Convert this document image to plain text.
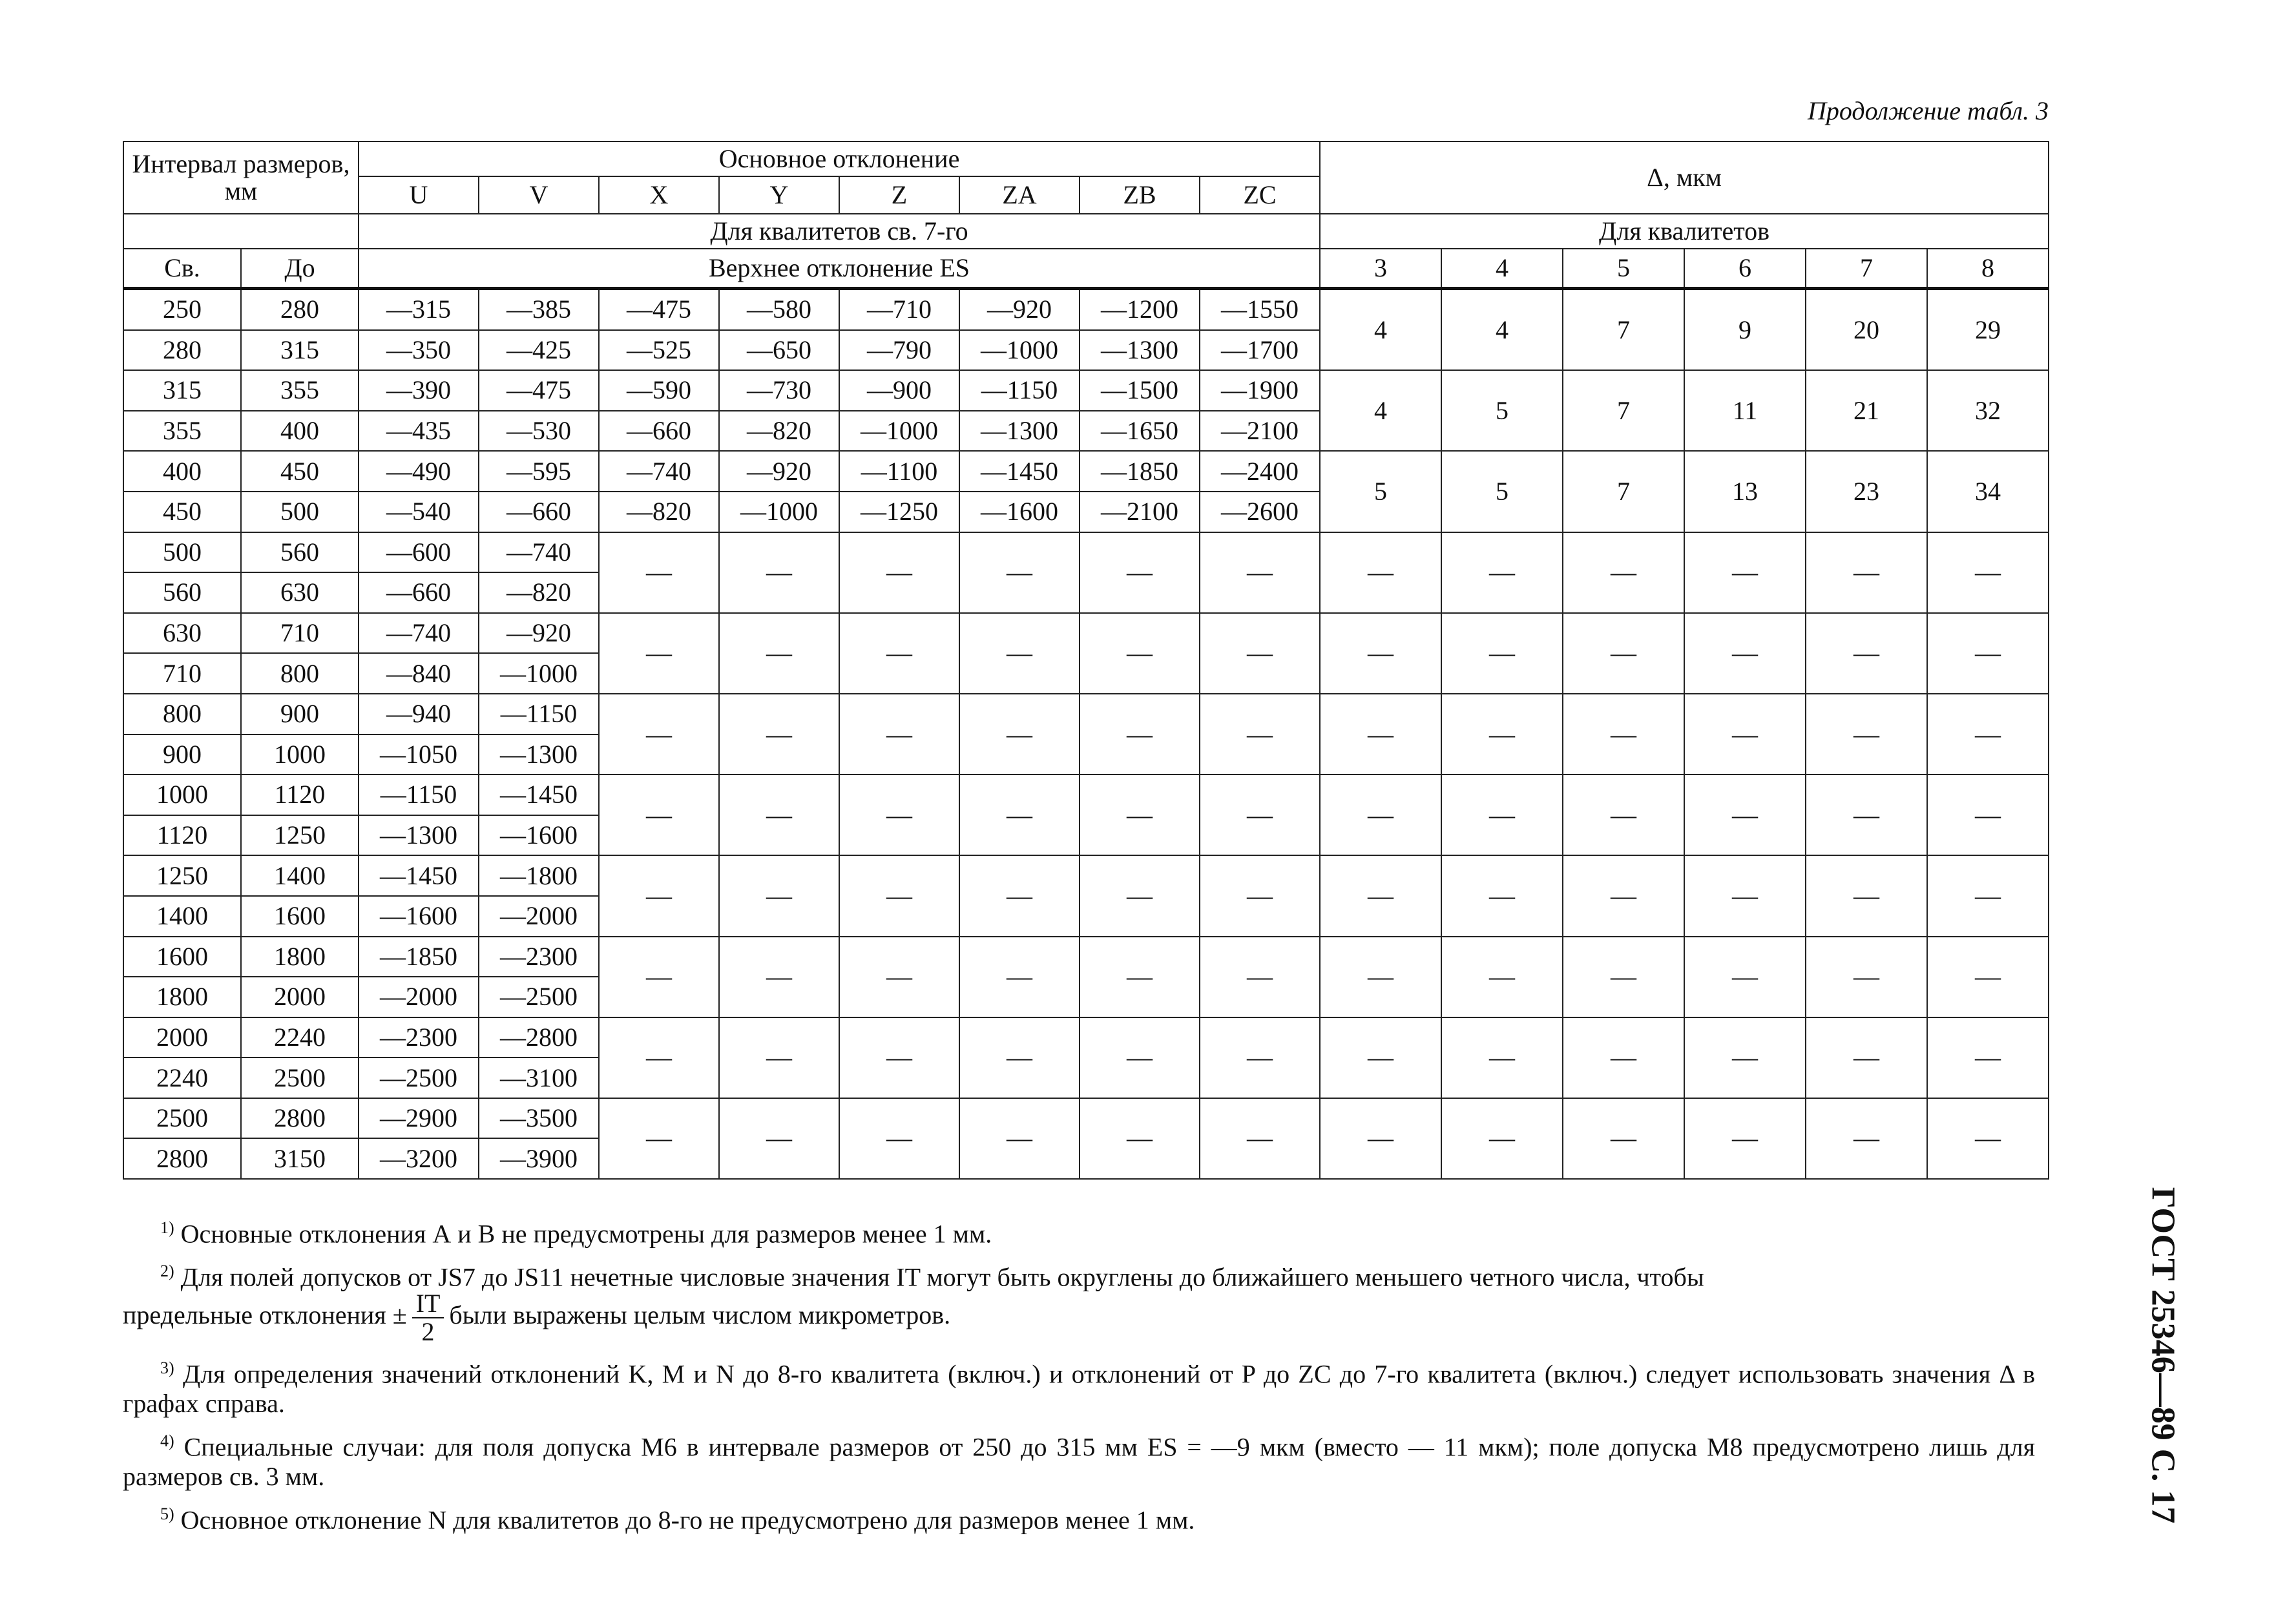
Продолжение табл. 3
Интервал размеров, мм		Основное отклонение								Δ, мкм					
		U	V	X	Y	Z	ZA	ZB	ZC						
		Для квалитетов св. 7-го								Для квалитетов					
Св.	До	Верхнее отклонение ES								3	4	5	6	7	8
250	280	—315	—385	—475	—580	—710	—920	—1200	—1550	4	4	7	9	20	29
280	315	—350	—425	—525	—650	—790	—1000	—1300	—1700						
315	355	—390	—475	—590	—730	—900	—1150	—1500	—1900	4	5	7	11	21	32
355	400	—435	—530	—660	—820	—1000	—1300	—1650	—2100						
400	450	—490	—595	—740	—920	—1100	—1450	—1850	—2400	5	5	7	13	23	34
450	500	—540	—660	—820	—1000	—1250	—1600	—2100	—2600						
500	560	—600	—740	—	—	—	—	—	—	—	—	—	—	—	—
560	630	—660	—820												
630	710	—740	—920	—	—	—	—	—	—	—	—	—	—	—	—
710	800	—840	—1000												
800	900	—940	—1150	—	—	—	—	—	—	—	—	—	—	—	—
900	1000	—1050	—1300												
1000	1120	—1150	—1450	—	—	—	—	—	—	—	—	—	—	—	—
1120	1250	—1300	—1600												
1250	1400	—1450	—1800	—	—	—	—	—	—	—	—	—	—	—	—
1400	1600	—1600	—2000												
1600	1800	—1850	—2300	—	—	—	—	—	—	—	—	—	—	—	—
1800	2000	—2000	—2500												
2000	2240	—2300	—2800	—	—	—	—	—	—	—	—	—	—	—	—
2240	2500	—2500	—3100												
2500	2800	—2900	—3500	—	—	—	—	—	—	—	—	—	—	—	—
2800	3150	—3200	—3900												

$^{1)}$ Основные отклонения А и В не предусмотрены для размеров менее 1 мм.

$^{2)}$ Для полей допусков от JS7 до JS11 нечетные числовые значения IT могут быть округлены до ближайшего меньшего четного числа, чтобы

предельные отклонения ± $\frac{IT}{2}$ были выражены целым числом микрометров.

$^{3)}$ Для определения значений отклонений K, M и N до 8-го квалитета (включ.) и отклонений от P до ZC до 7-го квалитета (включ.) следует использовать значения Δ в графах справа.

$^{4)}$ Специальные случаи: для поля допуска M6 в интервале размеров от 250 до 315 мм ES = —9 мкм (вместо — 11 мкм); поле допуска M8 предусмотрено лишь для размеров св. 3 мм.

$^{5)}$ Основное отклонение N для квалитетов до 8-го не предусмотрено для размеров менее 1 мм.	ГОСТ 25346—89 С. 17
